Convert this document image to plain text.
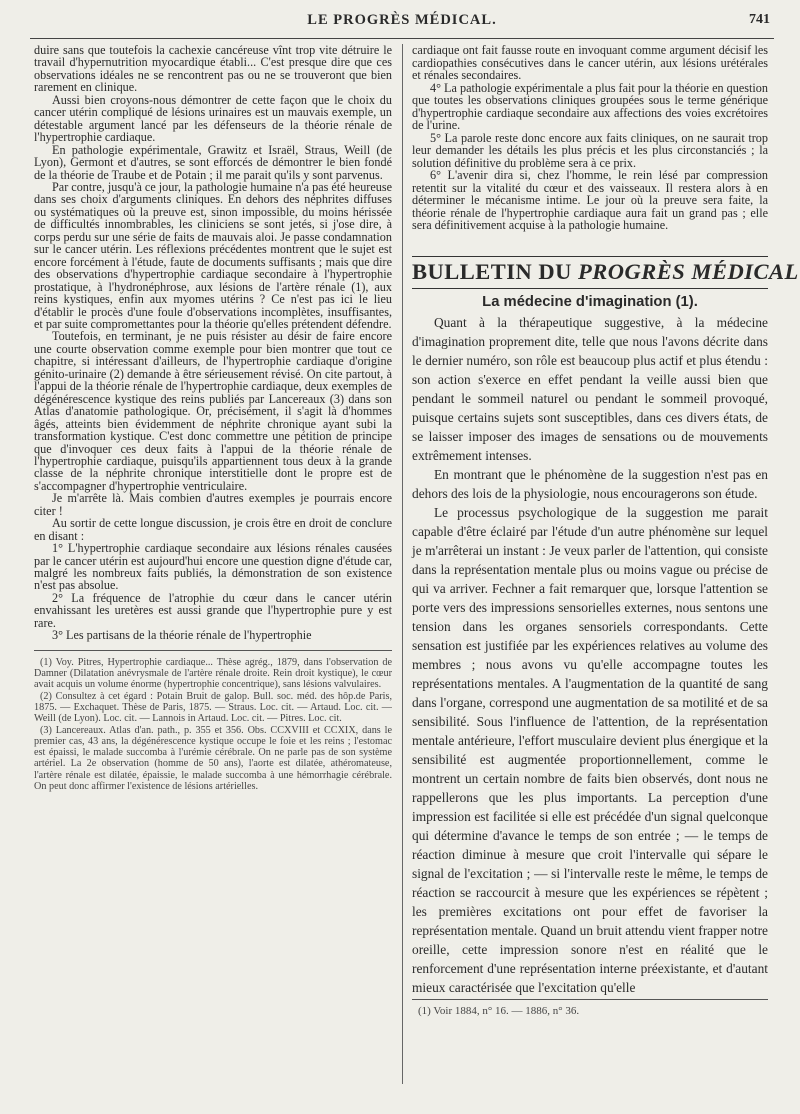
LE PROGRÈS MÉDICAL.	741

duire sans que toutefois la cachexie cancéreuse vînt trop vite détruire le travail d'hypernutrition myocardique établi... C'est presque dire que ces observations idéales ne se rencontrent pas ou ne se trouveront que bien rarement en clinique.

Aussi bien croyons-nous démontrer de cette façon que le choix du cancer utérin compliqué de lésions urinaires est un mauvais exemple, un détestable argument lancé par les défenseurs de la théorie rénale de l'hypertrophie cardiaque.

En pathologie expérimentale, Grawitz et Israël, Straus, Weill (de Lyon), Germont et d'autres, se sont efforcés de démontrer le bien fondé de la théorie de Traube et de Potain ; il me parait qu'ils y sont parvenus.

Par contre, jusqu'à ce jour, la pathologie humaine n'a pas été heureuse dans ses choix d'arguments cliniques. En dehors des néphrites diffuses ou systématiques où la preuve est, sinon impossible, du moins hérissée de difficultés innombrables, les cliniciens se sont jetés, si j'ose dire, à corps perdu sur une série de faits de mauvais aloi. Je passe condamnation sur le cancer utérin. Les réflexions précédentes montrent que le sujet est encore forcément à l'étude, faute de documents suffisants ; mais que dire des observations d'hypertrophie cardiaque secondaire à l'hypertrophie prostatique, à l'hydronéphrose, aux lésions de l'artère rénale (1), aux reins kystiques, enfin aux myomes utérins ? Ce n'est pas ici le lieu d'établir le procès d'une foule d'observations incomplètes, insuffisantes, et par suite compromettantes pour la théorie qu'elles prétendent défendre.

Toutefois, en terminant, je ne puis résister au désir de faire encore une courte observation comme exemple pour bien montrer que tout ce chapitre, si intéressant d'ailleurs, de l'hypertrophie cardiaque d'origine génito-urinaire (2) demande à être sérieusement révisé. On cite partout, à l'appui de la théorie rénale de l'hypertrophie cardiaque, deux exemples de dégénérescence kystique des reins publiés par Lancereaux (3) dans son Atlas d'anatomie pathologique. Or, précisément, il s'agit là d'hommes âgés, atteints bien évidemment de néphrite chronique ayant subi la transformation kystique. C'est donc commettre une pétition de principe que d'invoquer ces deux faits à l'appui de la théorie rénale de l'hypertrophie cardiaque, puisqu'ils appartiennent tous deux à la grande classe de la néphrite chronique interstitielle dont le propre est de s'accompagner d'hypertrophie ventriculaire.

Je m'arrête là. Mais combien d'autres exemples je pourrais encore citer !

Au sortir de cette longue discussion, je crois être en droit de conclure en disant :

1° L'hypertrophie cardiaque secondaire aux lésions rénales causées par le cancer utérin est aujourd'hui encore une question digne d'étude car, malgré les nombreux faits publiés, la démonstration de son existence n'est pas absolue.

2° La fréquence de l'atrophie du cœur dans le cancer utérin envahissant les uretères est aussi grande que l'hypertrophie pure y est rare.

3° Les partisans de la théorie rénale de l'hypertrophie

(1) Voy. Pitres, Hypertrophie cardiaque... Thèse agrég., 1879, dans l'observation de Damner (Dilatation anévrysmale de l'artère rénale droite. Rein droit kystique), le cœur avait acquis un volume énorme (hypertrophie concentrique), sans lésions valvulaires.

(2) Consultez à cet égard : Potain Bruit de galop. Bull. soc. méd. des hôp.de Paris, 1875. — Exchaquet. Thèse de Paris, 1875. — Straus. Loc. cit. — Artaud. Loc. cit. — Weill (de Lyon). Loc. cit. — Lannois in Artaud. Loc. cit. — Pitres. Loc. cit.

(3) Lancereaux. Atlas d'an. path., p. 355 et 356. Obs. CCXVIII et CCXIX, dans le premier cas, 43 ans, la dégénérescence kystique occupe le foie et les reins ; l'estomac est épaissi, le malade succomba à l'urémie cérébrale. On ne parle pas de son système artériel. La 2e observation (homme de 50 ans), l'aorte est dilatée, athéromateuse, l'artère rénale est dilatée, épaissie, le malade succomba à une hémorrhagie cérébrale. On peut donc affirmer l'existence de lésions artérielles.

cardiaque ont fait fausse route en invoquant comme argument décisif les cardiopathies consécutives dans le cancer utérin, aux lésions urétérales et rénales secondaires.

4° La pathologie expérimentale a plus fait pour la théorie en question que toutes les observations cliniques groupées sous le terme générique d'hypertrophie cardiaque secondaire aux affections des voies excrétoires de l'urine.

5° La parole reste donc encore aux faits cliniques, on ne saurait trop leur demander les détails les plus précis et les plus circonstanciés ; la solution définitive du problème sera à ce prix.

6° L'avenir dira si, chez l'homme, le rein lésé par compression retentit sur la vitalité du cœur et des vaisseaux. Il restera alors à en déterminer le mécanisme intime. Le jour où la preuve sera faite, la théorie rénale de l'hypertrophie cardiaque aura fait un grand pas ; elle sera définitivement acquise à la pathologie humaine.

BULLETIN DU PROGRÈS MÉDICAL
La médecine d'imagination (1).

Quant à la thérapeutique suggestive, à la médecine d'imagination proprement dite, telle que nous l'avons décrite dans le dernier numéro, son rôle est beaucoup plus actif et plus étendu : son action s'exerce en effet pendant la veille aussi bien que pendant le sommeil naturel ou pendant le sommeil provoqué, puisque certains sujets sont susceptibles, dans ces divers états, de se laisser imposer des images de sensations ou de mouvements extrêmement intenses.

En montrant que le phénomène de la suggestion n'est pas en dehors des lois de la physiologie, nous encouragerons son étude.

Le processus psychologique de la suggestion me parait capable d'être éclairé par l'étude d'un autre phénomène sur lequel je m'arrêterai un instant : Je veux parler de l'attention, qui consiste dans la représentation mentale plus ou moins vague ou précise de qui va arriver. Fechner a fait remarquer que, lorsque l'attention se porte vers des impressions sensorielles externes, nous sentons une tension dans les organes sensoriels correspondants. Cette sensation est justifiée par les expériences relatives au volume des membres ; nous avons vu qu'elle accompagne toutes les représentations mentales. A l'augmentation de la quantité de sang dans l'organe, correspond une augmentation de sa motilité et de sa sensibilité. Sous l'influence de l'attention, de la représentation mentale antérieure, l'effort musculaire devient plus énergique et la sensibilité est augmentée proportionnellement, comme le montrent un certain nombre de faits bien observés, dont nous ne rappellerons que les plus importants. La perception d'une impression est facilitée si elle est précédée d'un signal quelconque qui détermine d'avance le temps de son entrée ; — le temps de réaction diminue à mesure que croit l'intervalle qui sépare le signal de l'excitation ; — si l'intervalle reste le même, le temps de réaction se raccourcit à mesure que les expériences se répètent ; les premières excitations ont pour effet de favoriser la représentation mentale. Quand un bruit attendu vient frapper notre oreille, cette impression sonore n'est en réalité que le renforcement d'une représentation interne préexistante, et d'autant mieux caractérisée que l'excitation qu'elle

(1) Voir 1884, n° 16. — 1886, n° 36.
